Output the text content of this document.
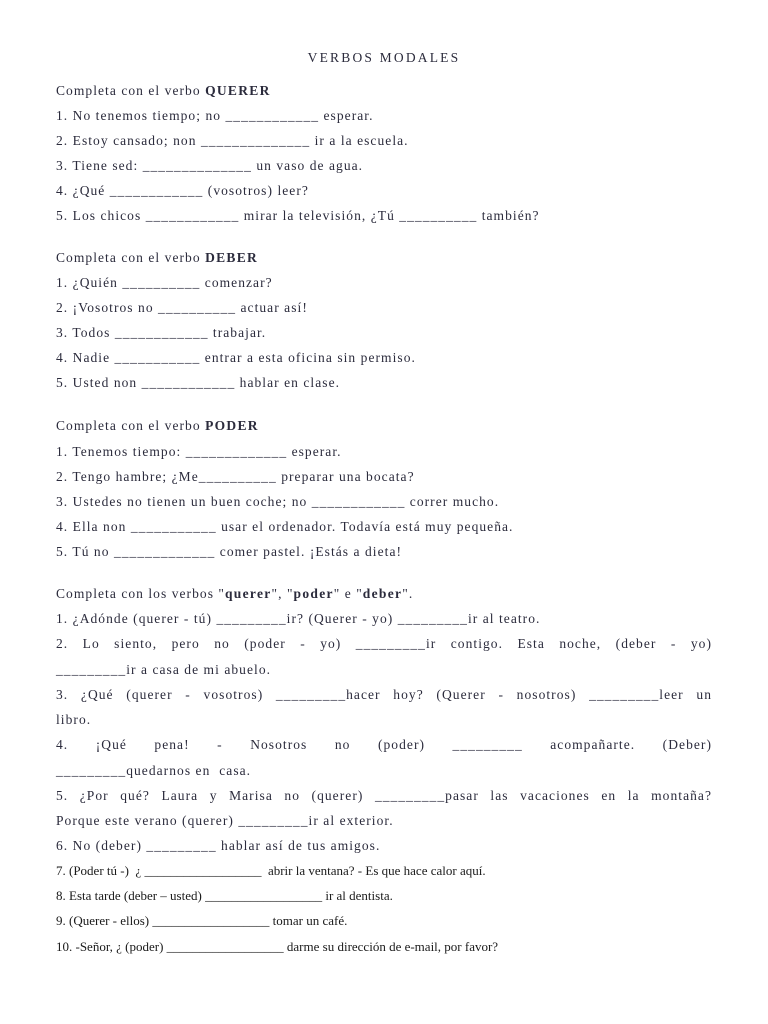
VERBOS MODALES
Completa con el verbo QUERER
1. No tenemos tiempo; no ____________ esperar.
2. Estoy cansado; non ______________ ir a la escuela.
3. Tiene sed: ______________ un vaso de agua.
4. ¿Qué ____________ (vosotros) leer?
5. Los chicos ____________ mirar la televisión, ¿Tú __________ también?
Completa con el verbo DEBER
1. ¿Quién __________ comenzar?
2. ¡Vosotros no __________ actuar así!
3. Todos ____________ trabajar.
4. Nadie ___________ entrar a esta oficina sin permiso.
5. Usted non ____________ hablar en clase.
Completa con el verbo PODER
1. Tenemos tiempo: _____________ esperar.
2. Tengo hambre; ¿Me__________ preparar una bocata?
3. Ustedes no tienen un buen coche; no ____________ correr mucho.
4. Ella non ___________ usar el ordenador. Todavía está muy pequeña.
5. Tú no _____________ comer pastel. ¡Estás a dieta!
Completa con los verbos "querer", "poder" e "deber".
1. ¿Adónde (querer - tú) _________ir? (Querer - yo) _________ir al teatro.
2. Lo siento, pero no (poder - yo) _________ir contigo. Esta noche, (deber - yo)
_________ir a casa de mi abuelo.
3. ¿Qué (querer - vosotros) _________hacer hoy? (Querer - nosotros) _________leer un
libro.
4. ¡Qué pena! - Nosotros no (poder) _________ acompañarte. (Deber)
_________quedarnos en  casa.
5. ¿Por qué? Laura y Marisa no (querer) _________pasar las vacaciones en la montaña?
Porque este verano (querer) _________ir al exterior.
6. No (deber) _________ hablar así de tus amigos.
7. (Poder tú -)  ¿ __________________  abrir la ventana? - Es que hace calor aquí.
8. Esta tarde (deber – usted) __________________ ir al dentista.
9. (Querer - ellos) __________________ tomar un café.
10. -Señor, ¿ (poder) __________________ darme su dirección de e-mail, por favor?
